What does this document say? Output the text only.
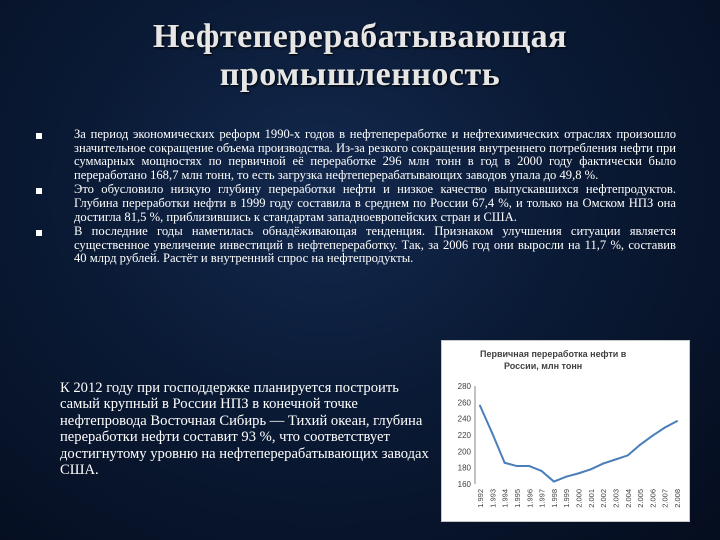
Нефтеперерабатывающая промышленность
За период экономических реформ 1990-х годов в нефтепереработке и нефтехимических отраслях произошло значительное сокращение объема производства. Из-за резкого сокращения внутреннего потребления нефти при суммарных мощностях по первичной её переработке 296 млн тонн в год в 2000 году фактически было переработано 168,7 млн тонн, то есть загрузка нефтеперерабатывающих заводов упала до 49,8 %.
Это обусловило низкую глубину переработки нефти и низкое качество выпускавшихся нефтепродуктов. Глубина переработки нефти в 1999 году составила в среднем по России 67,4 %, и только на Омском НПЗ она достигла 81,5 %, приблизившись к стандартам западноевропейских стран и США.
В последние годы наметилась обнадёживающая тенденция. Признаком улучшения ситуации является существенное увеличение инвестиций в нефтепереработку. Так, за 2006 год они выросли на 11,7 %, составив 40 млрд рублей. Растёт и внутренний спрос на нефтепродукты.
К 2012 году при господдержке планируется построить самый крупный в России НПЗ в конечной точке нефтепровода Восточная Сибирь — Тихий океан, глубина переработки нефти составит 93 %, что соответствует достигнутому уровню на нефтеперерабатывающих заводах США.
Первичная переработка нефти в России, млн тонн
160
180
200
220
240
260
280
1.992 1.993 1.994 1.995 1.996 1.997 1.998 1.999 2.000 2.001 2.002 2.003 2.004 2.005 2.006 2.007 2.008
